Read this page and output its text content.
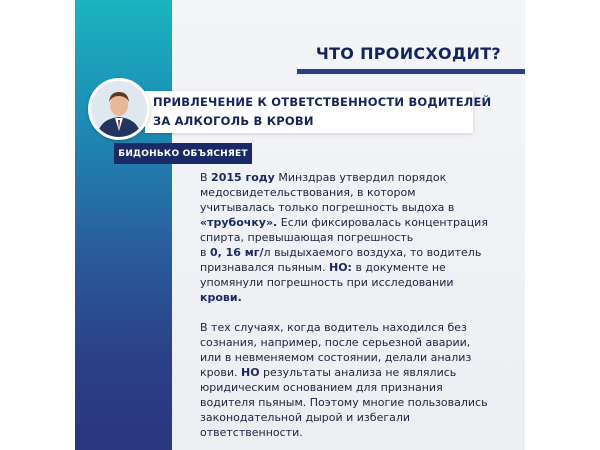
ЧТО ПРОИСХОДИТ?
ПРИВЛЕЧЕНИЕ К ОТВЕТСТВЕННОСТИ ВОДИТЕЛЕЙ
ЗА АЛКОГОЛЬ В КРОВИ
БИДОНЬКО ОБЪЯСНЯЕТ

В 2015 году Минздрав утвердил порядок
медосвидетельствования, в котором
учитывалась только погрешность выдоха в
«трубочку». Если фиксировалась концентрация
спирта, превышающая погрешность
в 0, 16 мг/л выдыхаемого воздуха, то водитель
признавался пьяным. НО: в документе не
упомянули погрешность при исследовании
крови.

В тех случаях, когда водитель находился без
сознания, например, после серьезной аварии,
или в невменяемом состоянии, делали анализ
крови. НО результаты анализа не являлись
юридическим основанием для признания
водителя пьяным. Поэтому многие пользовались
законодательной дырой и избегали
ответственности.
